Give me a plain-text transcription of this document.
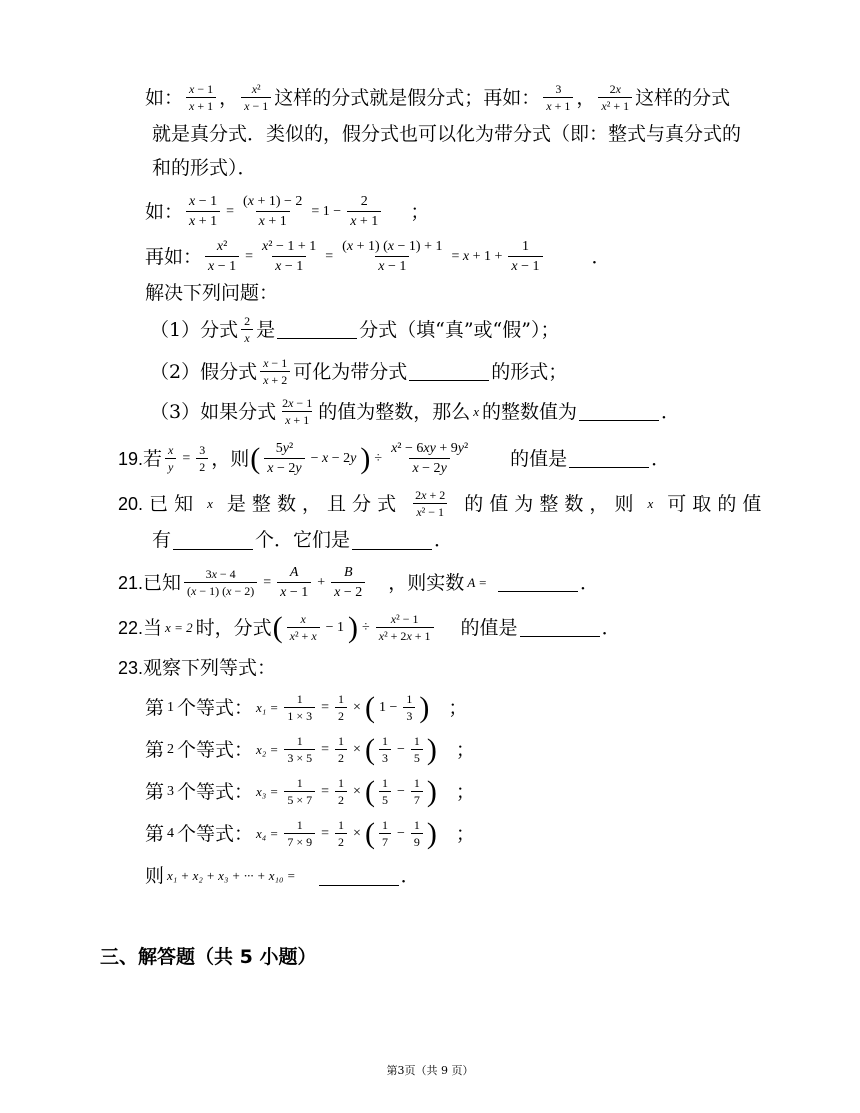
如： $\frac{x - 1}{x + 1}$ ， $\frac{\text{x²}}{x - 1}$ 这样的分式就是假分式；再如： $\frac{3}{x + 1}$ ， $\frac{2x}{\text{x² + 1}}$ 这样的分式
就是真分式．类似的，假分式也可以化为带分式（即：整式与真分式的
和的形式）．
如： $\frac{x - 1}{x + 1} = \frac{(x + 1) - 2}{x + 1} = 1 - \frac{2}{x + 1}$ ；
再如： $\frac{\text{x²}}{x - 1} = \frac{\text{x² − 1 + 1}}{x - 1} = \frac{(x + 1) (x - 1) + 1}{x - 1} = x + 1 + \frac{1}{x - 1}$	．
解决下列问题：
（1）分式 $\frac{2}{x}$ 是	分式（填“真”或“假”）；
（2）假分式 $\frac{x - 1}{x + 2}$ 可化为带分式	的形式；
（3）如果分式 $\frac{2x - 1}{x + 1}$ 的值为整数，那么 x 的整数值为	．
19. 若 $\frac{x}{y} = \frac{3}{2}$ ，则 ( $\frac{\text{5y²}}{x - 2y} - x - 2y$ ) ÷ $\frac{\text{x² − 6xy + 9y²}}{x - 2y}$ 的值是	．
20. 已 知 x 是 整 数 ， 且 分 式 $\frac{2x + 2}{\text{x² − 1}}$ 的 值 为 整 数 ， 则 x 可 取 的 值
有	个．它们是	．
21. 已知 $\frac{3x - 4}{(x - 1) (x - 2)} = \frac{A}{x - 1} + \frac{B}{x - 2}$ ，则实数 A =	．
22. 当 x = 2 时，分式 ( $\frac{x}{\text{x² + x}} - 1$ ) ÷ $\frac{\text{x² − 1}}{\text{x² + 2x + 1}}$ 的值是	．
23. 观察下列等式：
第 1 个等式： $x_1 = \frac{1}{1 \times 3} = \frac{1}{2}$ × ( $1 - \frac{1}{3}$ ) ；
第 2 个等式： $x_2 = \frac{1}{3 \times 5} = \frac{1}{2}$ × ( $\frac{1}{3} - \frac{1}{5}$ ) ；
第 3 个等式： $x_3 = \frac{1}{5 \times 7} = \frac{1}{2}$ × ( $\frac{1}{5} - \frac{1}{7}$ ) ；
第 4 个等式： $x_4 = \frac{1}{7 \times 9} = \frac{1}{2}$ × ( $\frac{1}{7} - \frac{1}{9}$ ) ；
则 x₁ + x₂ + x₃ + ··· + x₁₀ =	．
三、解答题（共 5 小题）
第3页（共 9 页）
